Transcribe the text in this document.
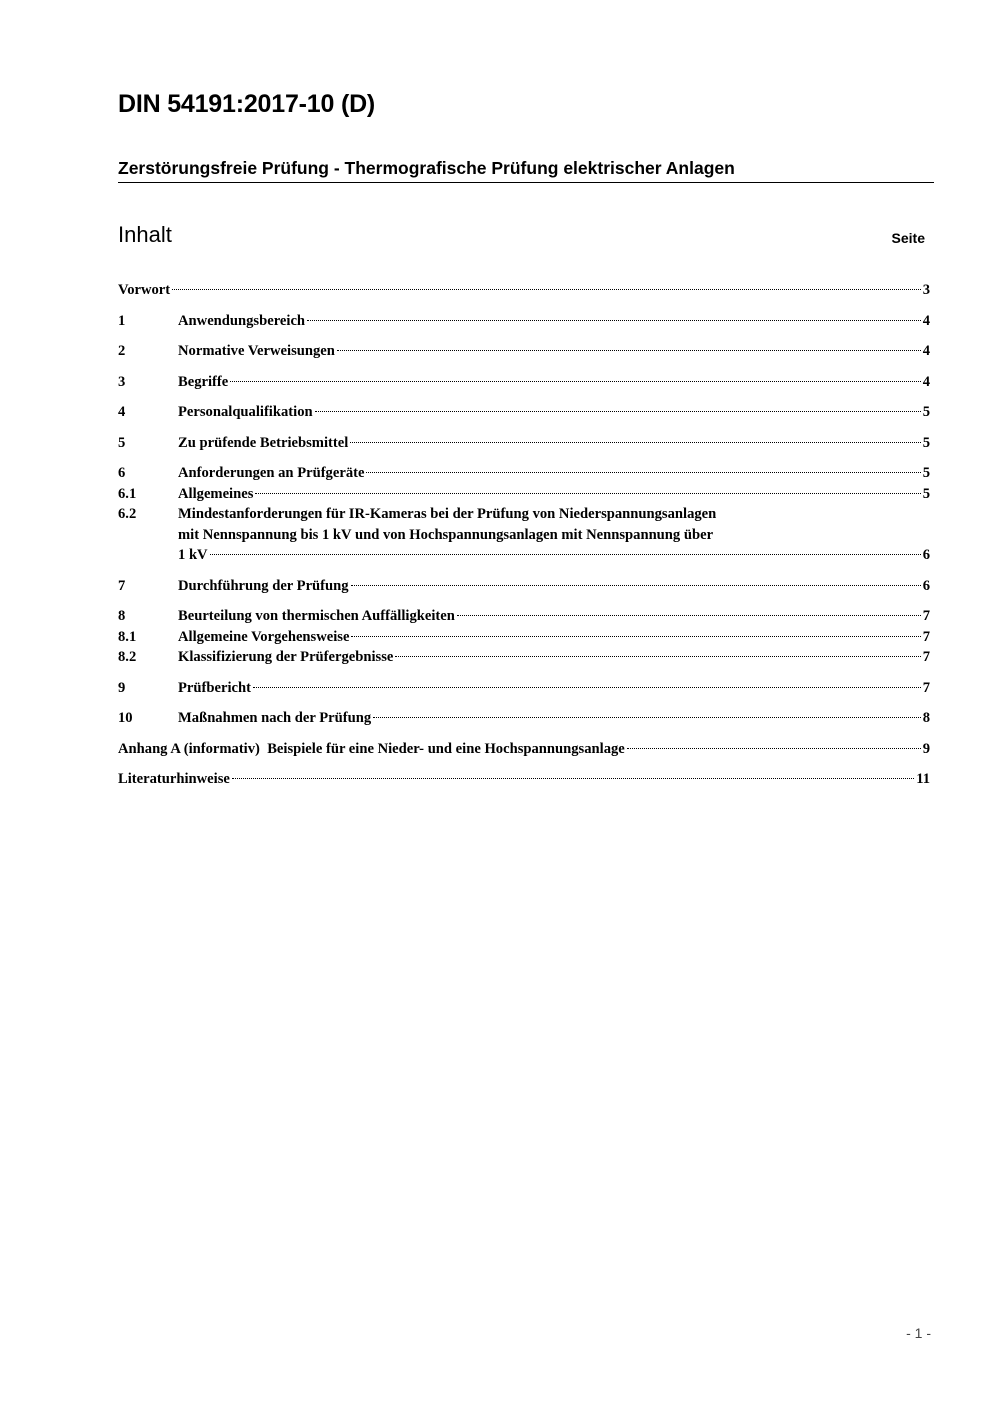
DIN 54191:2017-10 (D)
Zerstörungsfreie Prüfung - Thermografische Prüfung elektrischer Anlagen
Inhalt	Seite
Vorwort	3
1	Anwendungsbereich	4
2	Normative Verweisungen	4
3	Begriffe	4
4	Personalqualifikation	5
5	Zu prüfende Betriebsmittel	5
6	Anforderungen an Prüfgeräte	5
6.1	Allgemeines	5
6.2	Mindestanforderungen für IR-Kameras bei der Prüfung von Niederspannungsanlagen
mit Nennspannung bis 1 kV und von Hochspannungsanlagen mit Nennspannung über
1 kV	6
7	Durchführung der Prüfung	6
8	Beurteilung von thermischen Auffälligkeiten	7
8.1	Allgemeine Vorgehensweise	7
8.2	Klassifizierung der Prüfergebnisse	7
9	Prüfbericht	7
10	Maßnahmen nach der Prüfung	8
Anhang A (informativ)  Beispiele für eine Nieder- und eine Hochspannungsanlage	9
Literaturhinweise	11
- 1 -
